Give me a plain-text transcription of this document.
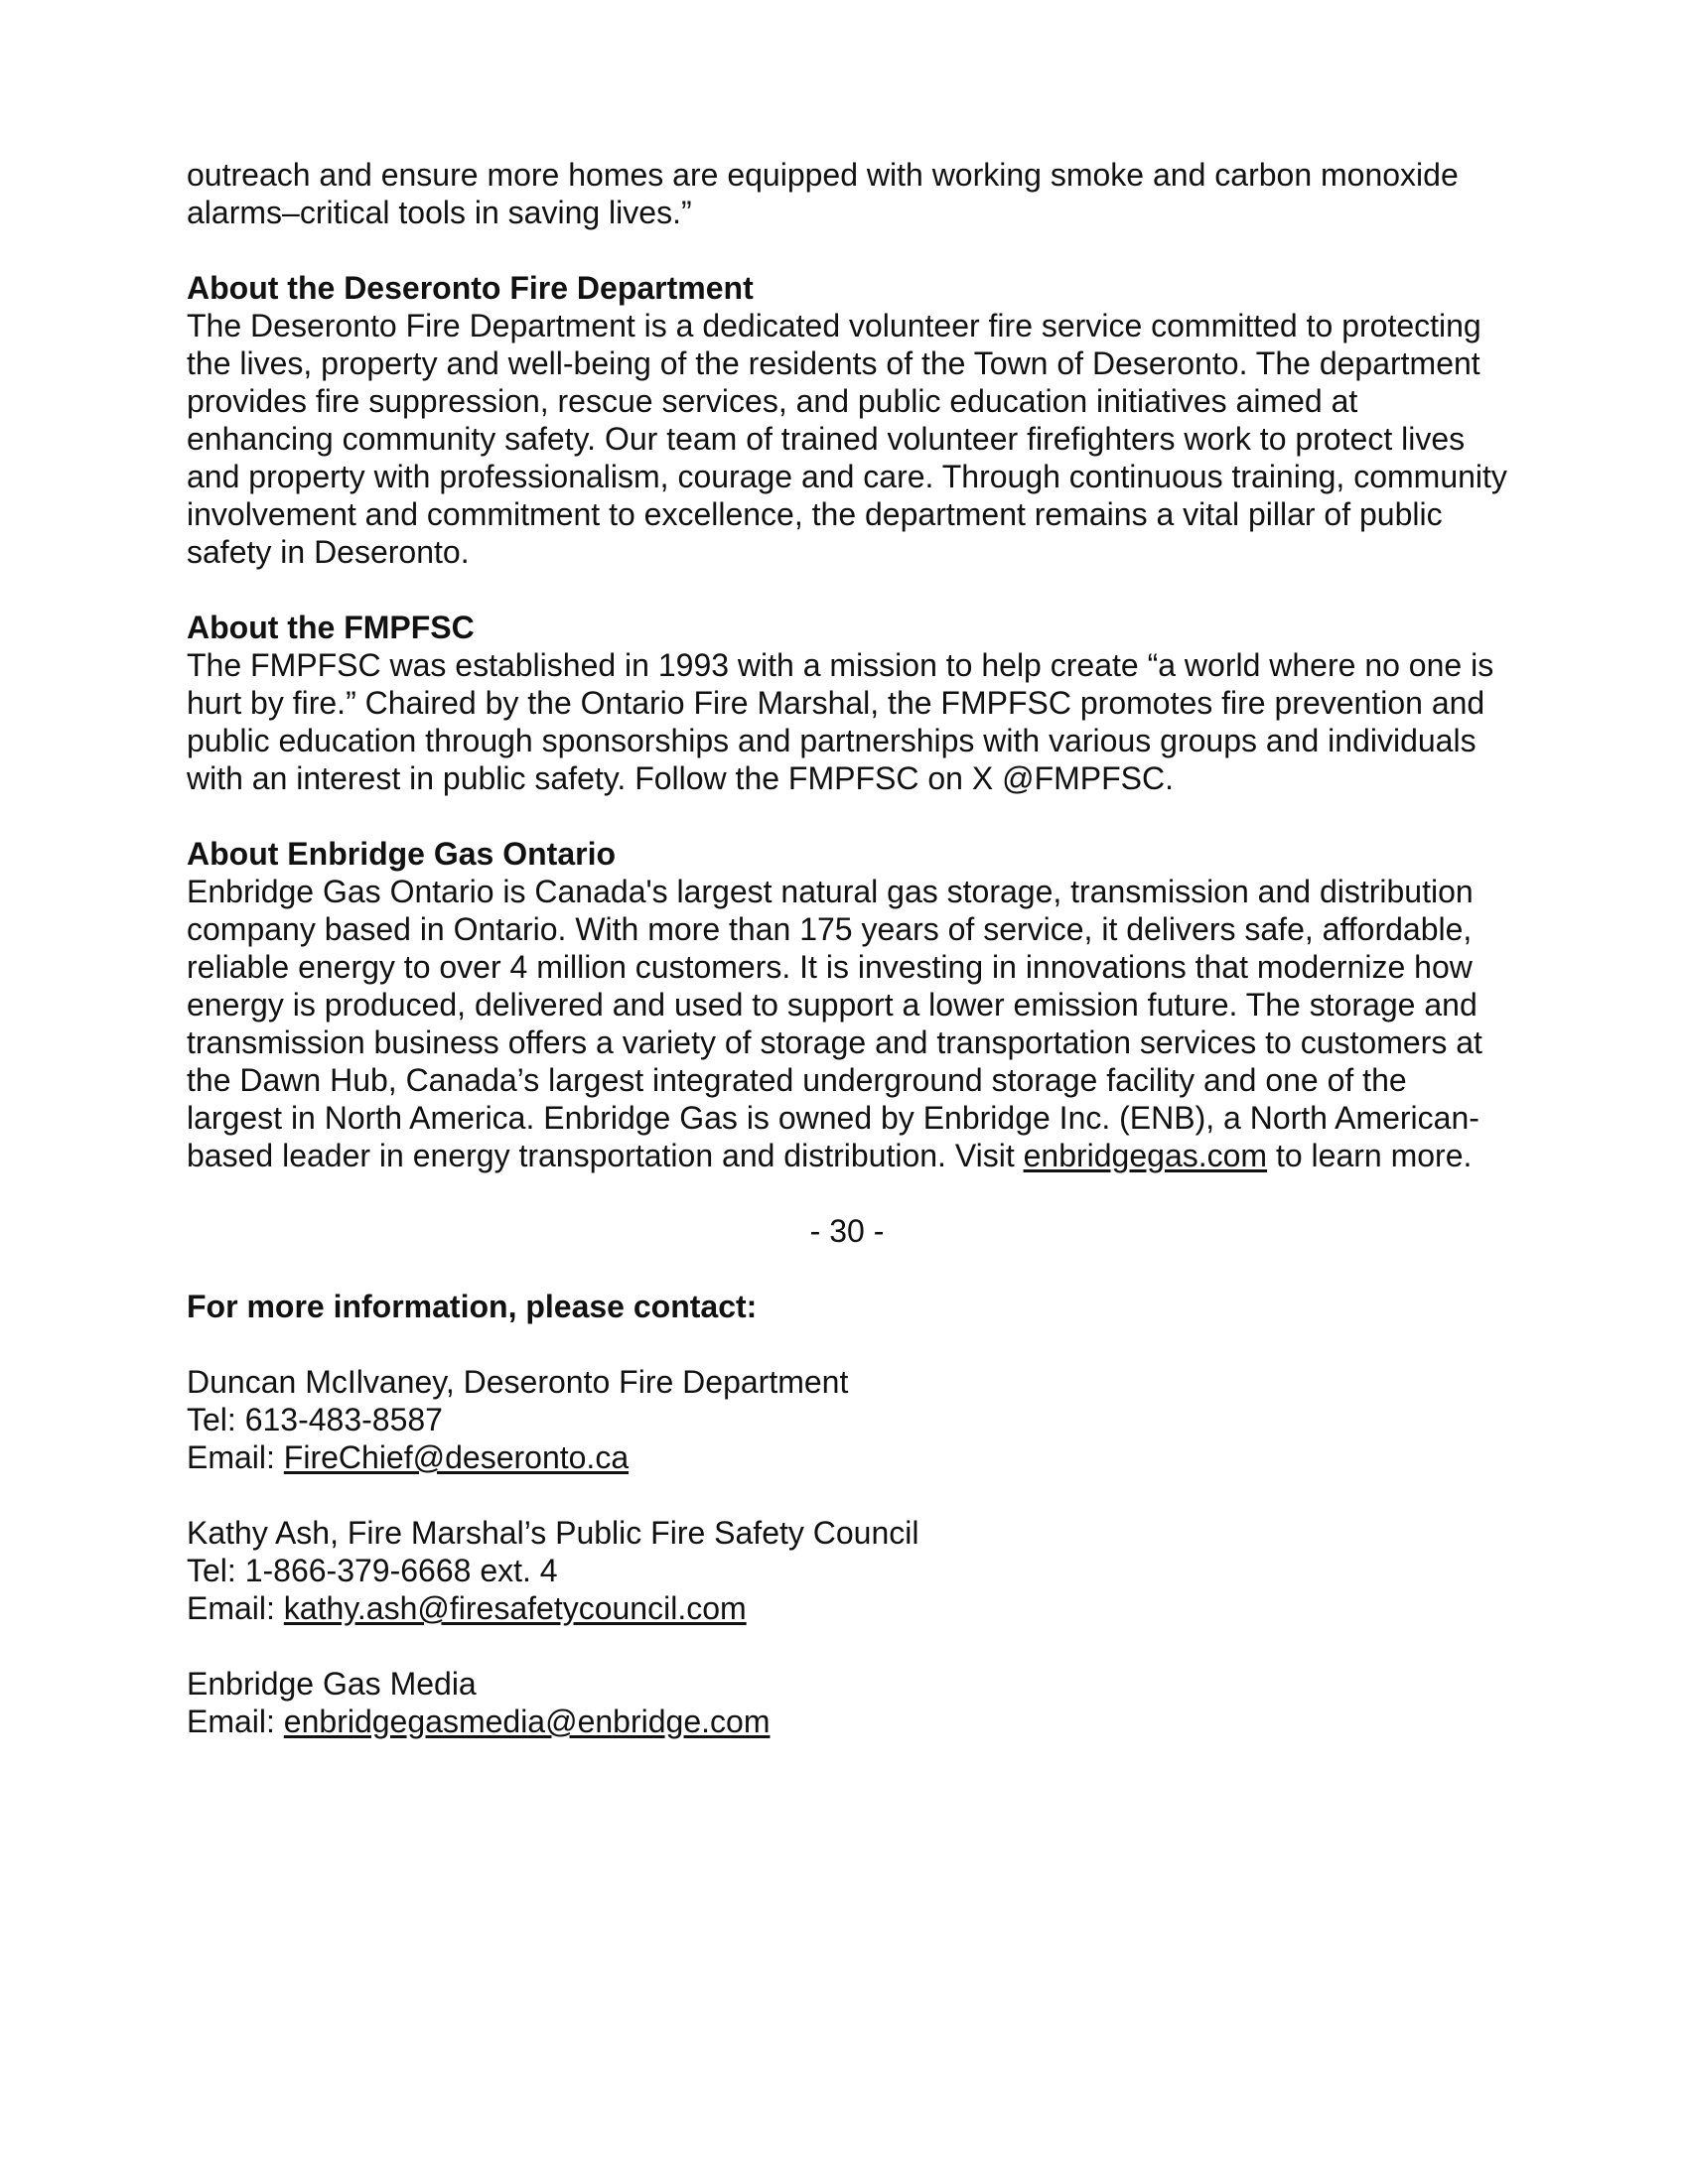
outreach and ensure more homes are equipped with working smoke and carbon monoxide alarms–critical tools in saving lives.”

About the Deseronto Fire Department

The Deseronto Fire Department is a dedicated volunteer fire service committed to protecting the lives, property and well-being of the residents of the Town of Deseronto. The department provides fire suppression, rescue services, and public education initiatives aimed at enhancing community safety. Our team of trained volunteer firefighters work to protect lives and property with professionalism, courage and care. Through continuous training, community involvement and commitment to excellence, the department remains a vital pillar of public safety in Deseronto.

About the FMPFSC

The FMPFSC was established in 1993 with a mission to help create “a world where no one is hurt by fire.” Chaired by the Ontario Fire Marshal, the FMPFSC promotes fire prevention and public education through sponsorships and partnerships with various groups and individuals with an interest in public safety. Follow the FMPFSC on X @FMPFSC.

About Enbridge Gas Ontario

Enbridge Gas Ontario is Canada's largest natural gas storage, transmission and distribution company based in Ontario. With more than 175 years of service, it delivers safe, affordable, reliable energy to over 4 million customers. It is investing in innovations that modernize how energy is produced, delivered and used to support a lower emission future. The storage and transmission business offers a variety of storage and transportation services to customers at the Dawn Hub, Canada’s largest integrated underground storage facility and one of the largest in North America. Enbridge Gas is owned by Enbridge Inc. (ENB), a North American-based leader in energy transportation and distribution. Visit enbridgegas.com to learn more.

- 30 -

For more information, please contact:

Duncan McIlvaney, Deseronto Fire Department

Tel: 613-483-8587

Email: FireChief@deseronto.ca

Kathy Ash, Fire Marshal’s Public Fire Safety Council

Tel: 1-866-379-6668 ext. 4

Email: kathy.ash@firesafetycouncil.com

Enbridge Gas Media

Email: enbridgegasmedia@enbridge.com
